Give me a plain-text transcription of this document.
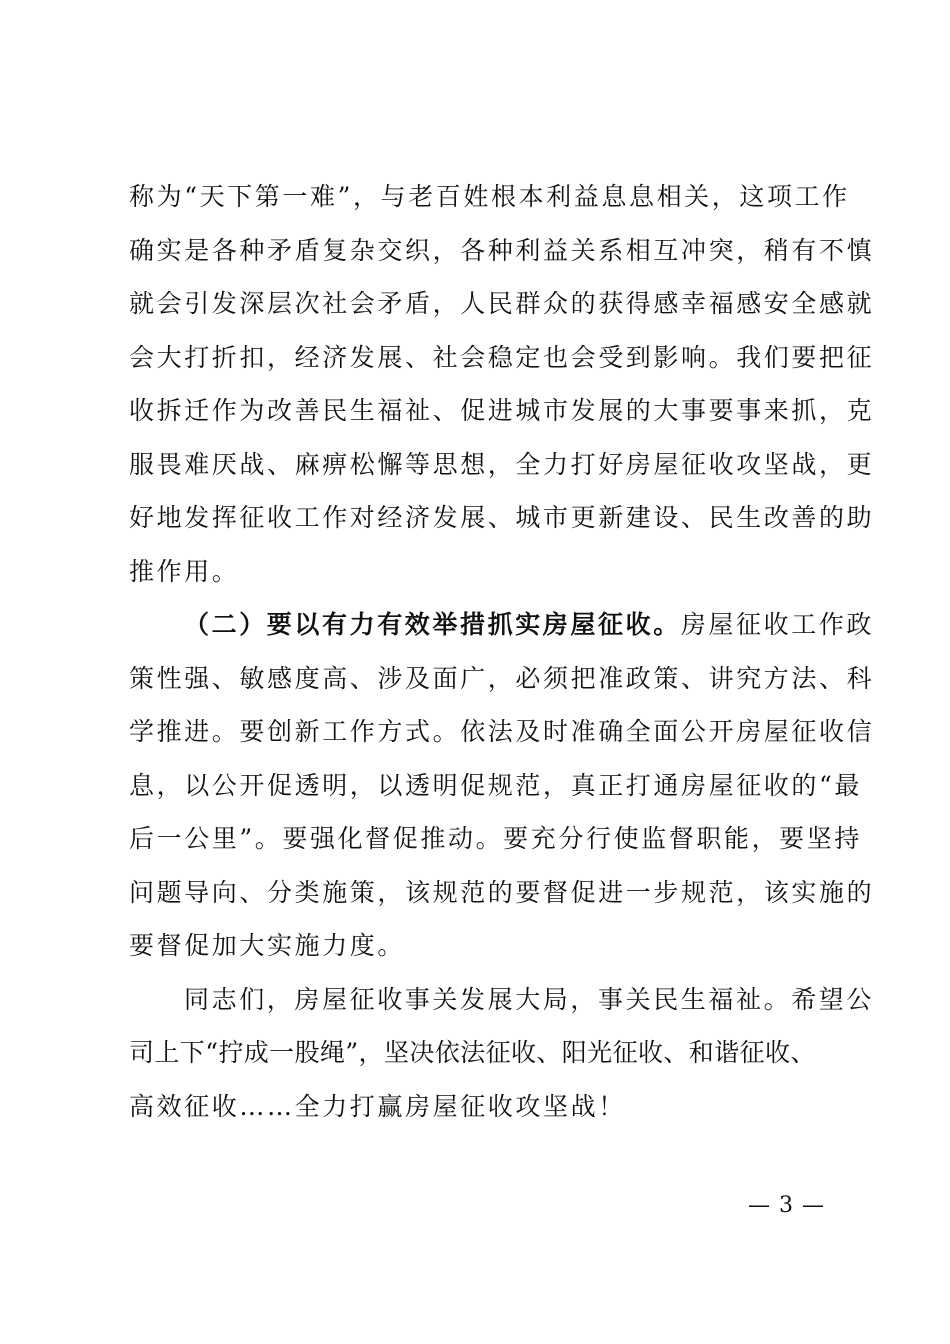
称为“天下第一难”，与老百姓根本利益息息相关，这项工作
确实是各种矛盾复杂交织，各种利益关系相互冲突，稍有不慎
就会引发深层次社会矛盾，人民群众的获得感幸福感安全感就
会大打折扣，经济发展、社会稳定也会受到影响。我们要把征
收拆迁作为改善民生福祉、促进城市发展的大事要事来抓，克
服畏难厌战、麻痹松懈等思想，全力打好房屋征收攻坚战，更
好地发挥征收工作对经济发展、城市更新建设、民生改善的助
推作用。
（二）要以有力有效举措抓实房屋征收。房屋征收工作政
策性强、敏感度高、涉及面广，必须把准政策、讲究方法、科
学推进。要创新工作方式。依法及时准确全面公开房屋征收信
息，以公开促透明，以透明促规范，真正打通房屋征收的“最
后一公里”。要强化督促推动。要充分行使监督职能，要坚持
问题导向、分类施策，该规范的要督促进一步规范，该实施的
要督促加大实施力度。
同志们，房屋征收事关发展大局，事关民生福祉。希望公
司上下“拧成一股绳”，坚决依法征收、阳光征收、和谐征收、
高效征收……全力打赢房屋征收攻坚战！
— 3 —
